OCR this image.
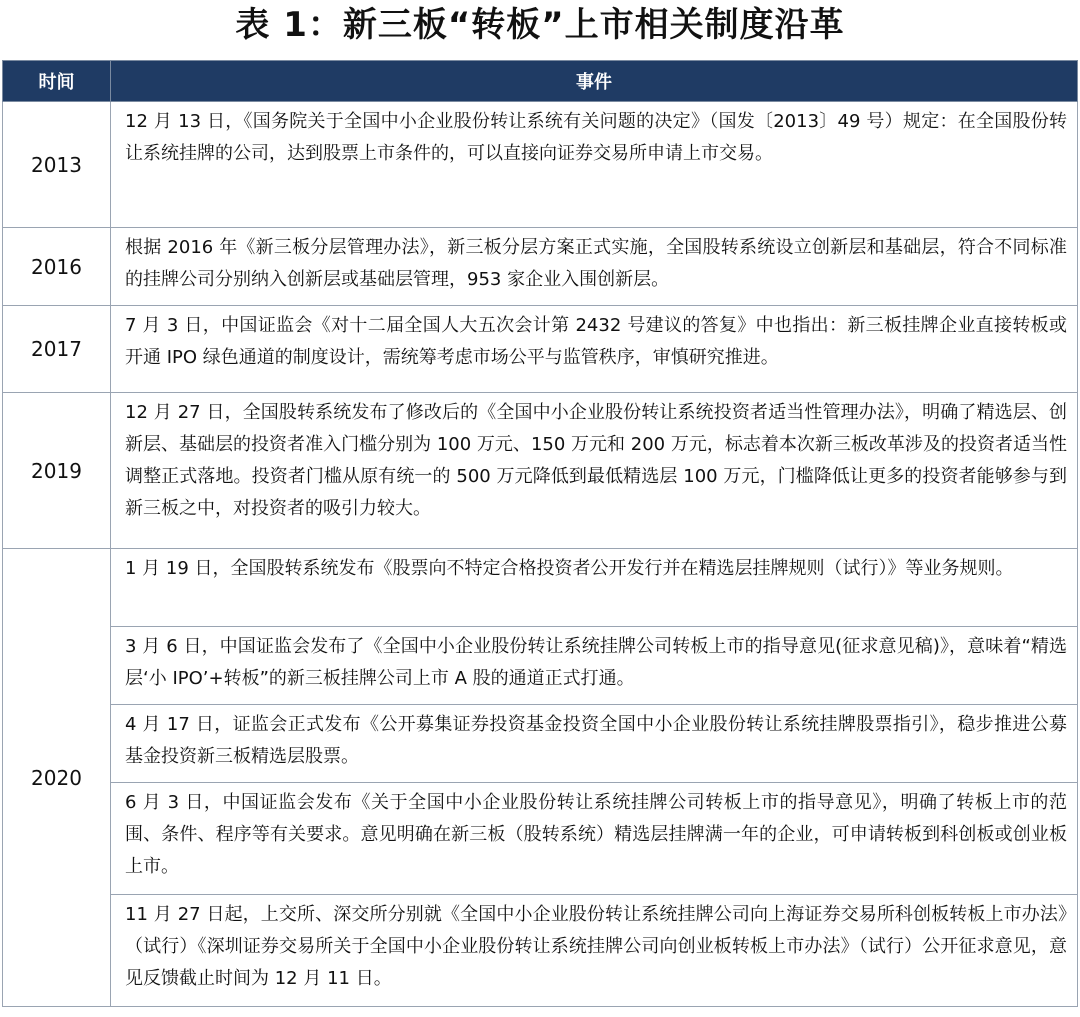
表 1：新三板“转板”上市相关制度沿革
时间	事件
2013	12 月 13 日，《国务院关于全国中小企业股份转让系统有关问题的决定》（国发〔2013〕49 号）规定：在全国股份转让系统挂牌的公司，达到股票上市条件的，可以直接向证券交易所申请上市交易。
2016	根据 2016 年《新三板分层管理办法》，新三板分层方案正式实施，全国股转系统设立创新层和基础层，符合不同标准的挂牌公司分别纳入创新层或基础层管理，953 家企业入围创新层。
2017	7 月 3 日，中国证监会《对十二届全国人大五次会计第 2432 号建议的答复》中也指出：新三板挂牌企业直接转板或开通 IPO 绿色通道的制度设计，需统筹考虑市场公平与监管秩序，审慎研究推进。
2019	12 月 27 日，全国股转系统发布了修改后的《全国中小企业股份转让系统投资者适当性管理办法》，明确了精选层、创新层、基础层的投资者准入门槛分别为 100 万元、150 万元和 200 万元，标志着本次新三板改革涉及的投资者适当性调整正式落地。投资者门槛从原有统一的 500 万元降低到最低精选层 100 万元，门槛降低让更多的投资者能够参与到新三板之中，对投资者的吸引力较大。
2020	1 月 19 日，全国股转系统发布《股票向不特定合格投资者公开发行并在精选层挂牌规则（试行）》等业务规则。
	3 月 6 日，中国证监会发布了《全国中小企业股份转让系统挂牌公司转板上市的指导意见(征求意见稿)》，意味着“精选层‘小 IPO’+转板”的新三板挂牌公司上市 A 股的通道正式打通。
	4 月 17 日，证监会正式发布《公开募集证券投资基金投资全国中小企业股份转让系统挂牌股票指引》，稳步推进公募基金投资新三板精选层股票。
	6 月 3 日，中国证监会发布《关于全国中小企业股份转让系统挂牌公司转板上市的指导意见》，明确了转板上市的范围、条件、程序等有关要求。意见明确在新三板（股转系统）精选层挂牌满一年的企业，可申请转板到科创板或创业板上市。
	11 月 27 日起，上交所、深交所分别就《全国中小企业股份转让系统挂牌公司向上海证券交易所科创板转板上市办法》（试行）《深圳证券交易所关于全国中小企业股份转让系统挂牌公司向创业板转板上市办法》（试行）公开征求意见，意见反馈截止时间为 12 月 11 日。
